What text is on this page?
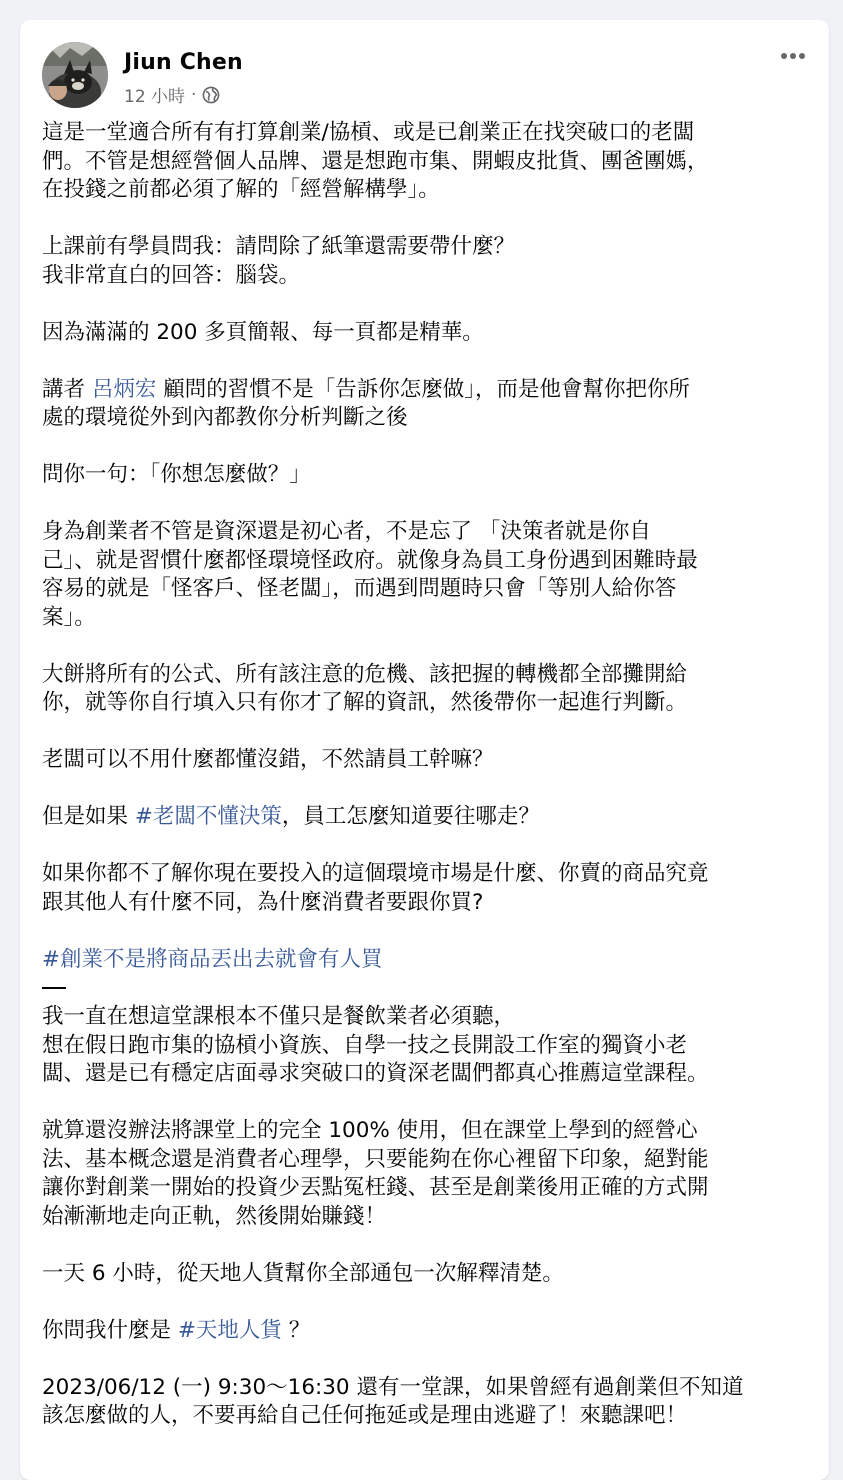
Jiun Chen
12 小時 ·
這是一堂適合所有有打算創業/協槓、或是已創業正在找突破口的老闆
們。不管是想經營個人品牌、還是想跑市集、開蝦皮批貨、團爸團媽，
在投錢之前都必須了解的「經營解構學」。
上課前有學員問我：請問除了紙筆還需要帶什麼？
我非常直白的回答：腦袋。
因為滿滿的 200 多頁簡報、每一頁都是精華。
講者 呂炳宏 顧問的習慣不是「告訴你怎麼做」，而是他會幫你把你所
處的環境從外到內都教你分析判斷之後
問你一句：「你想怎麼做？」
身為創業者不管是資深還是初心者，不是忘了 「決策者就是你自
己」、就是習慣什麼都怪環境怪政府。就像身為員工身份遇到困難時最
容易的就是「怪客戶、怪老闆」，而遇到問題時只會「等別人給你答
案」。
大餅將所有的公式、所有該注意的危機、該把握的轉機都全部攤開給
你，就等你自行填入只有你才了解的資訊，然後帶你一起進行判斷。
老闆可以不用什麼都懂沒錯，不然請員工幹嘛？
但是如果 #老闆不懂決策，員工怎麼知道要往哪走？
如果你都不了解你現在要投入的這個環境市場是什麼、你賣的商品究竟
跟其他人有什麼不同，為什麼消費者要跟你買?
#創業不是將商品丟出去就會有人買
我一直在想這堂課根本不僅只是餐飲業者必須聽，
想在假日跑市集的協槓小資族、自學一技之長開設工作室的獨資小老
闆、還是已有穩定店面尋求突破口的資深老闆們都真心推薦這堂課程。
就算還沒辦法將課堂上的完全 100% 使用，但在課堂上學到的經營心
法、基本概念還是消費者心理學，只要能夠在你心裡留下印象，絕對能
讓你對創業一開始的投資少丟點冤枉錢、甚至是創業後用正確的方式開
始漸漸地走向正軌，然後開始賺錢！
一天 6 小時，從天地人貨幫你全部通包一次解釋清楚。
你問我什麼是 #天地人貨 ？
2023/06/12 (一) 9:30～16:30 還有一堂課，如果曾經有過創業但不知道
該怎麼做的人，不要再給自己任何拖延或是理由逃避了！來聽課吧！
